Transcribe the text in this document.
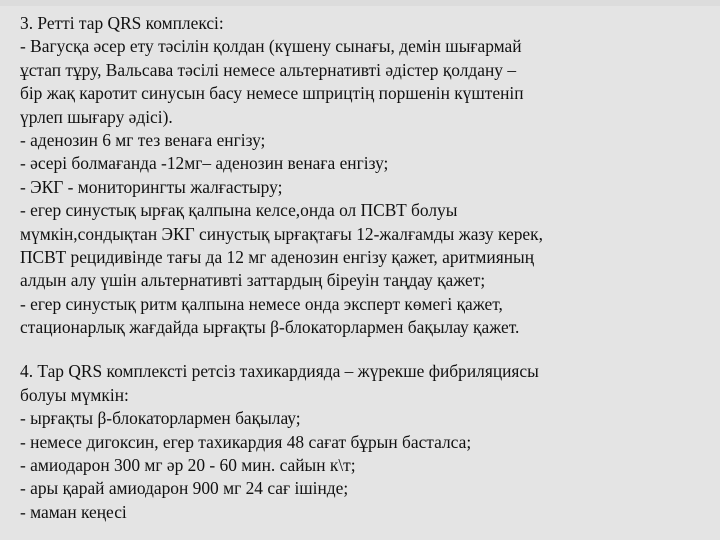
3. Ретті тар QRS комплексі:
- Вагусқа әсер ету тәсілін қолдан (күшену сынағы, демін шығармай
ұстап тұру, Вальсава тәсілі немесе альтернативті әдістер қолдану –
бір жақ каротит синусын басу немесе шприцтің поршенін күштеніп
үрлеп шығару әдісі).
- аденозин 6 мг тез венаға енгізу;
- әсері болмағанда -12мг– аденозин венаға енгізу;
- ЭКГ - мониторингты жалғастыру;
- егер синустық ырғақ қалпына келсе,онда ол ПСВТ болуы
мүмкін,сондықтан ЭКГ синустық ырғақтағы 12-жалғамды жазу керек,
ПСВТ рецидивінде тағы да 12 мг аденозин енгізу қажет, аритмияның
алдын алу үшін альтернативті заттардың біреуін таңдау қажет;
- егер синустық ритм қалпына немесе онда эксперт көмегі қажет,
стационарлық жағдайда ырғақты β-блокаторлармен бақылау қажет.
4. Тар QRS комплексті ретсіз тахикардияда – жүрекше фибриляциясы
болуы мүмкін:
- ырғақты β-блокаторлармен бақылау;
- немесе дигоксин, егер тахикардия 48 сағат бұрын басталса;
- амиодарон 300 мг әр 20 - 60 мин. сайын к\т;
- ары қарай амиодарон 900 мг 24 сағ ішінде;
- маман кеңесі
